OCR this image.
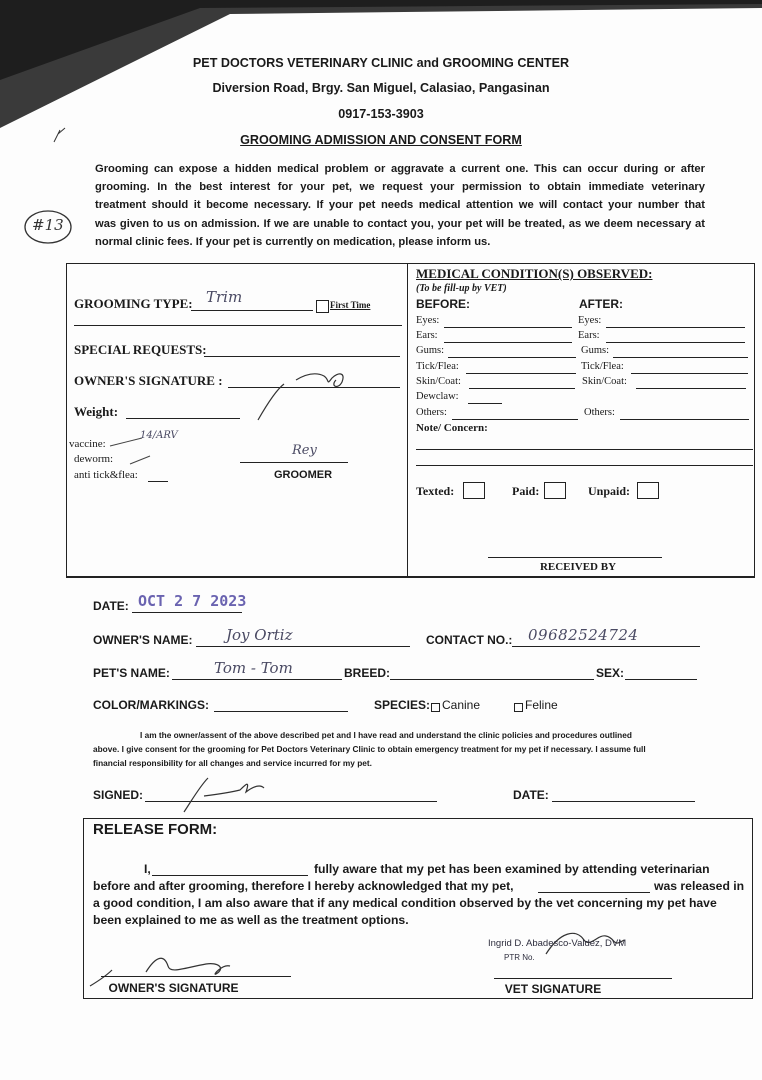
PET DOCTORS VETERINARY CLINIC and GROOMING CENTER
Diversion Road, Brgy. San Miguel, Calasiao, Pangasinan
0917-153-3903
GROOMING ADMISSION AND CONSENT FORM
#13
Grooming can expose a hidden medical problem or aggravate a current one. This can occur during or after
grooming. In the best interest for your pet, we request your permission to obtain immediate veterinary
treatment should it become necessary. If your pet needs medical attention we will contact your number that
was given to us on admission. If we are unable to contact you, your pet will be treated, as we deem necessary at
normal clinic fees. If your pet is currently on medication, please inform us.
GROOMING TYPE: Trim	First Time
SPECIAL REQUESTS:
OWNER'S SIGNATURE :
Weight:
vaccine:
14/ARV
deworm:
anti tick&flea:
Rey
GROOMER
MEDICAL CONDITION(S) OBSERVED:
(To be fill-up by VET)
BEFORE:	AFTER:
Eyes:	Eyes:
Ears:	Ears:
Gums:	Gums:
Tick/Flea:	Tick/Flea:
Skin/Coat:	Skin/Coat:
Dewclaw:
Others:	Others:
Note/ Concern:
Texted:	Paid:	Unpaid:
RECEIVED BY
DATE: OCT 2 7 2023
OWNER'S NAME: Joy Ortiz	CONTACT NO.: 09682524724
PET'S NAME:	Tom - Tom	BREED:	SEX:
COLOR/MARKINGS:	SPECIES: Canine	Feline
I am the owner/assent of the above described pet and I have read and understand the clinic policies and procedures outlined
above. I give consent for the grooming for Pet Doctors Veterinary Clinic to obtain emergency treatment for my pet if necessary. I assume full
financial responsibility for all changes and service incurred for my pet.
SIGNED:	DATE:
RELEASE FORM:
I,	fully aware that my pet has been examined by attending veterinarian
before and after grooming, therefore I hereby acknowledged that my pet,	was released in
a good condition, I am also aware that if any medical condition observed by the vet concerning my pet have
been explained to me as well as the treatment options.
OWNER'S SIGNATURE
Ingrid D. Abadesco-Valdez, DVM
PTR No.
VET SIGNATURE
